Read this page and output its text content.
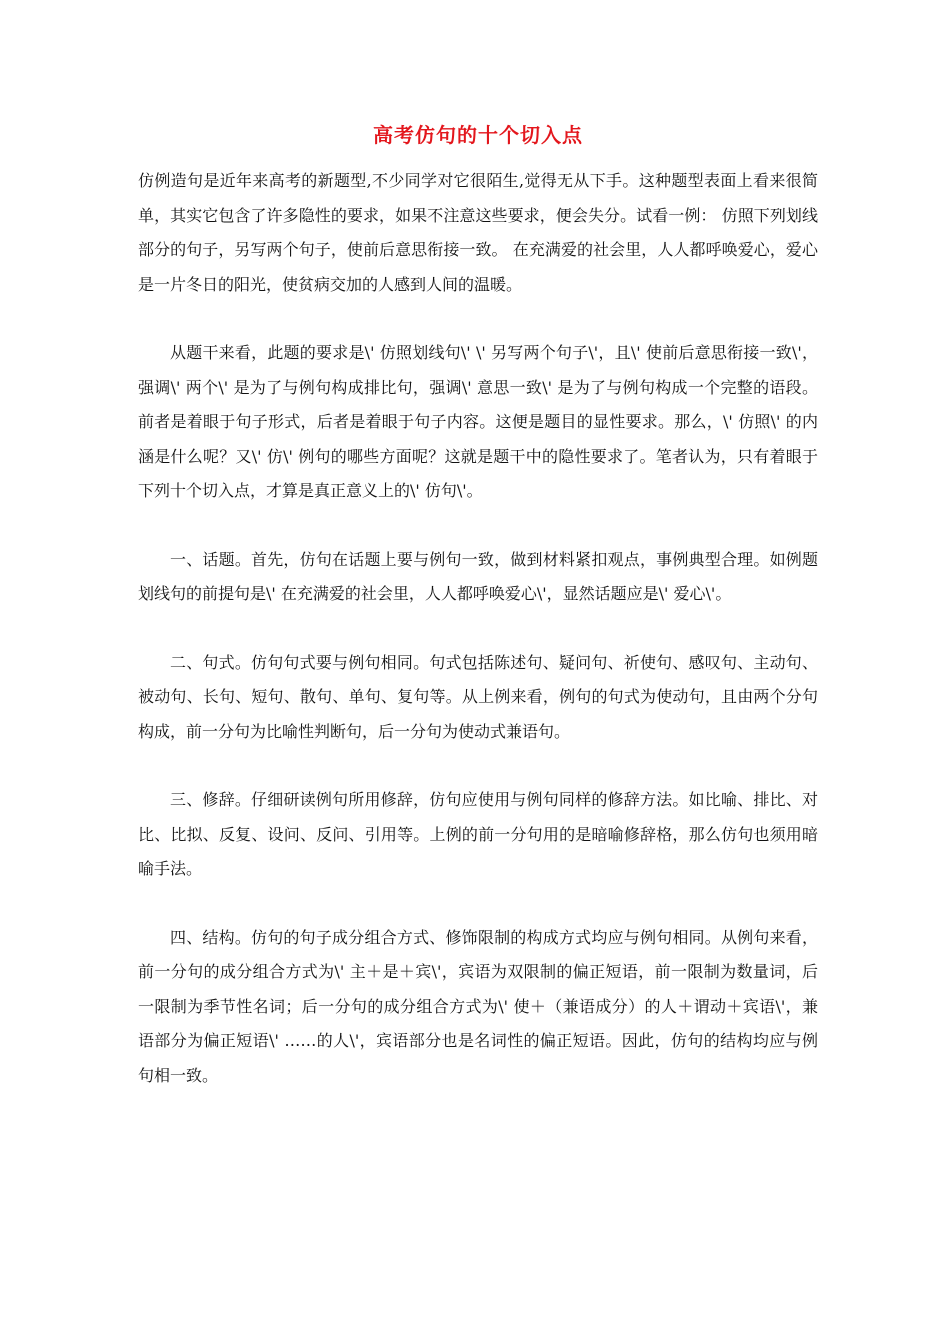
高考仿句的十个切入点

仿例造句是近年来高考的新题型,不少同学对它很陌生,觉得无从下手。这种题型表面上看来很简单，其实它包含了许多隐性的要求，如果不注意这些要求，便会失分。试看一例： 仿照下列划线部分的句子，另写两个句子，使前后意思衔接一致。 在充满爱的社会里，人人都呼唤爱心，爱心是一片冬日的阳光，使贫病交加的人感到人间的温暖。

从题干来看，此题的要求是\' 仿照划线句\' \' 另写两个句子\'，且\' 使前后意思衔接一致\'，强调\' 两个\' 是为了与例句构成排比句，强调\' 意思一致\' 是为了与例句构成一个完整的语段。前者是着眼于句子形式，后者是着眼于句子内容。这便是题目的显性要求。那么，\' 仿照\' 的内涵是什么呢？又\' 仿\' 例句的哪些方面呢？这就是题干中的隐性要求了。笔者认为，只有着眼于下列十个切入点，才算是真正意义上的\' 仿句\'。

一、话题。首先，仿句在话题上要与例句一致，做到材料紧扣观点，事例典型合理。如例题划线句的前提句是\' 在充满爱的社会里，人人都呼唤爱心\'，显然话题应是\' 爱心\'。

二、句式。仿句句式要与例句相同。句式包括陈述句、疑问句、祈使句、感叹句、主动句、被动句、长句、短句、散句、单句、复句等。从上例来看，例句的句式为使动句，且由两个分句构成，前一分句为比喻性判断句，后一分句为使动式兼语句。

三、修辞。仔细研读例句所用修辞，仿句应使用与例句同样的修辞方法。如比喻、排比、对比、比拟、反复、设问、反问、引用等。上例的前一分句用的是暗喻修辞格，那么仿句也须用暗喻手法。

四、结构。仿句的句子成分组合方式、修饰限制的构成方式均应与例句相同。从例句来看，前一分句的成分组合方式为\' 主＋是＋宾\'，宾语为双限制的偏正短语，前一限制为数量词，后一限制为季节性名词；后一分句的成分组合方式为\' 使＋（兼语成分）的人＋谓动＋宾语\'，兼语部分为偏正短语\' ……的人\'，宾语部分也是名词性的偏正短语。因此，仿句的结构均应与例句相一致。
